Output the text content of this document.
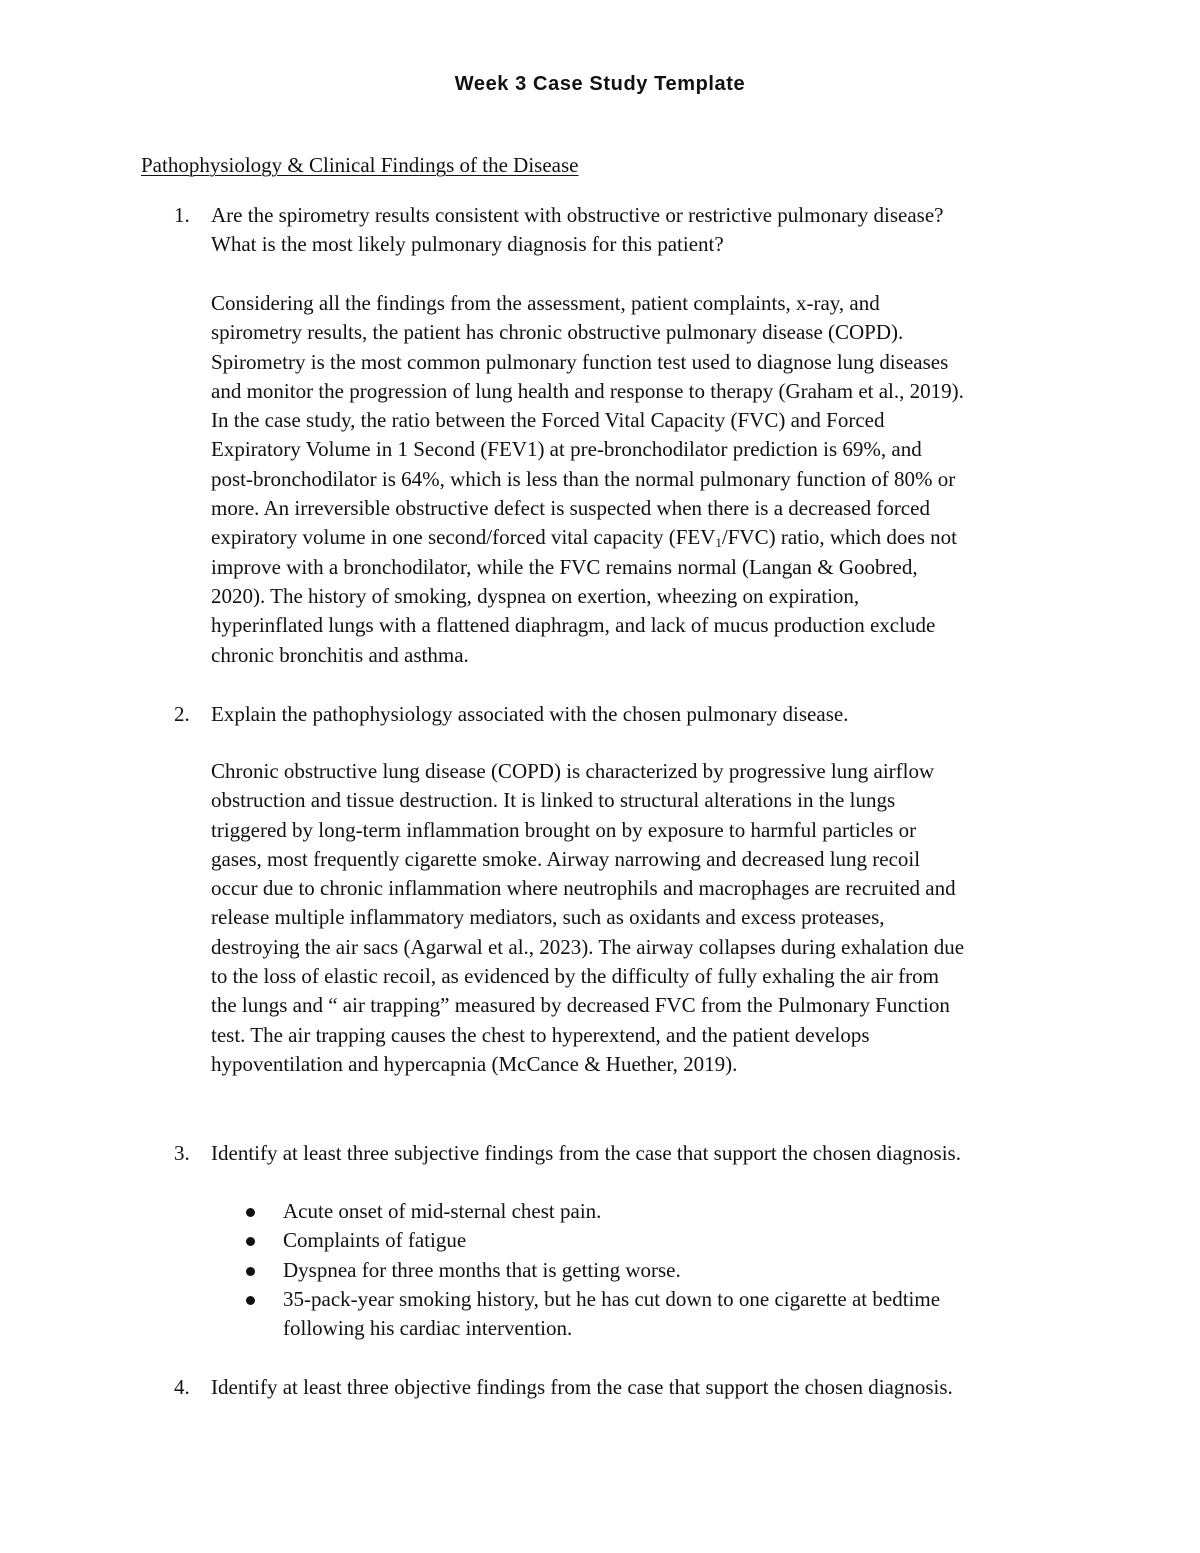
Week 3 Case Study Template
Pathophysiology & Clinical Findings of the Disease
1. Are the spirometry results consistent with obstructive or restrictive pulmonary disease?
What is the most likely pulmonary diagnosis for this patient?
Considering all the findings from the assessment, patient complaints, x-ray, and
spirometry results, the patient has chronic obstructive pulmonary disease (COPD).
Spirometry is the most common pulmonary function test used to diagnose lung diseases
and monitor the progression of lung health and response to therapy (Graham et al., 2019).
In the case study, the ratio between the Forced Vital Capacity (FVC) and Forced
Expiratory Volume in 1 Second (FEV1) at pre-bronchodilator prediction is 69%, and
post-bronchodilator is 64%, which is less than the normal pulmonary function of 80% or
more. An irreversible obstructive defect is suspected when there is a decreased forced
expiratory volume in one second/forced vital capacity $(FEV_1/FVC)$ ratio, which does not
improve with a bronchodilator, while the FVC remains normal (Langan & Goobred,
2020). The history of smoking, dyspnea on exertion, wheezing on expiration,
hyperinflated lungs with a flattened diaphragm, and lack of mucus production exclude
chronic bronchitis and asthma.
2. Explain the pathophysiology associated with the chosen pulmonary disease.
Chronic obstructive lung disease (COPD) is characterized by progressive lung airflow
obstruction and tissue destruction. It is linked to structural alterations in the lungs
triggered by long-term inflammation brought on by exposure to harmful particles or
gases, most frequently cigarette smoke. Airway narrowing and decreased lung recoil
occur due to chronic inflammation where neutrophils and macrophages are recruited and
release multiple inflammatory mediators, such as oxidants and excess proteases,
destroying the air sacs (Agarwal et al., 2023). The airway collapses during exhalation due
to the loss of elastic recoil, as evidenced by the difficulty of fully exhaling the air from
the lungs and “ air trapping” measured by decreased FVC from the Pulmonary Function
test. The air trapping causes the chest to hyperextend, and the patient develops
hypoventilation and hypercapnia (McCance & Huether, 2019).
3. Identify at least three subjective findings from the case that support the chosen diagnosis.
Acute onset of mid-sternal chest pain.
Complaints of fatigue
Dyspnea for three months that is getting worse.
35-pack-year smoking history, but he has cut down to one cigarette at bedtime
following his cardiac intervention.
4. Identify at least three objective findings from the case that support the chosen diagnosis.
